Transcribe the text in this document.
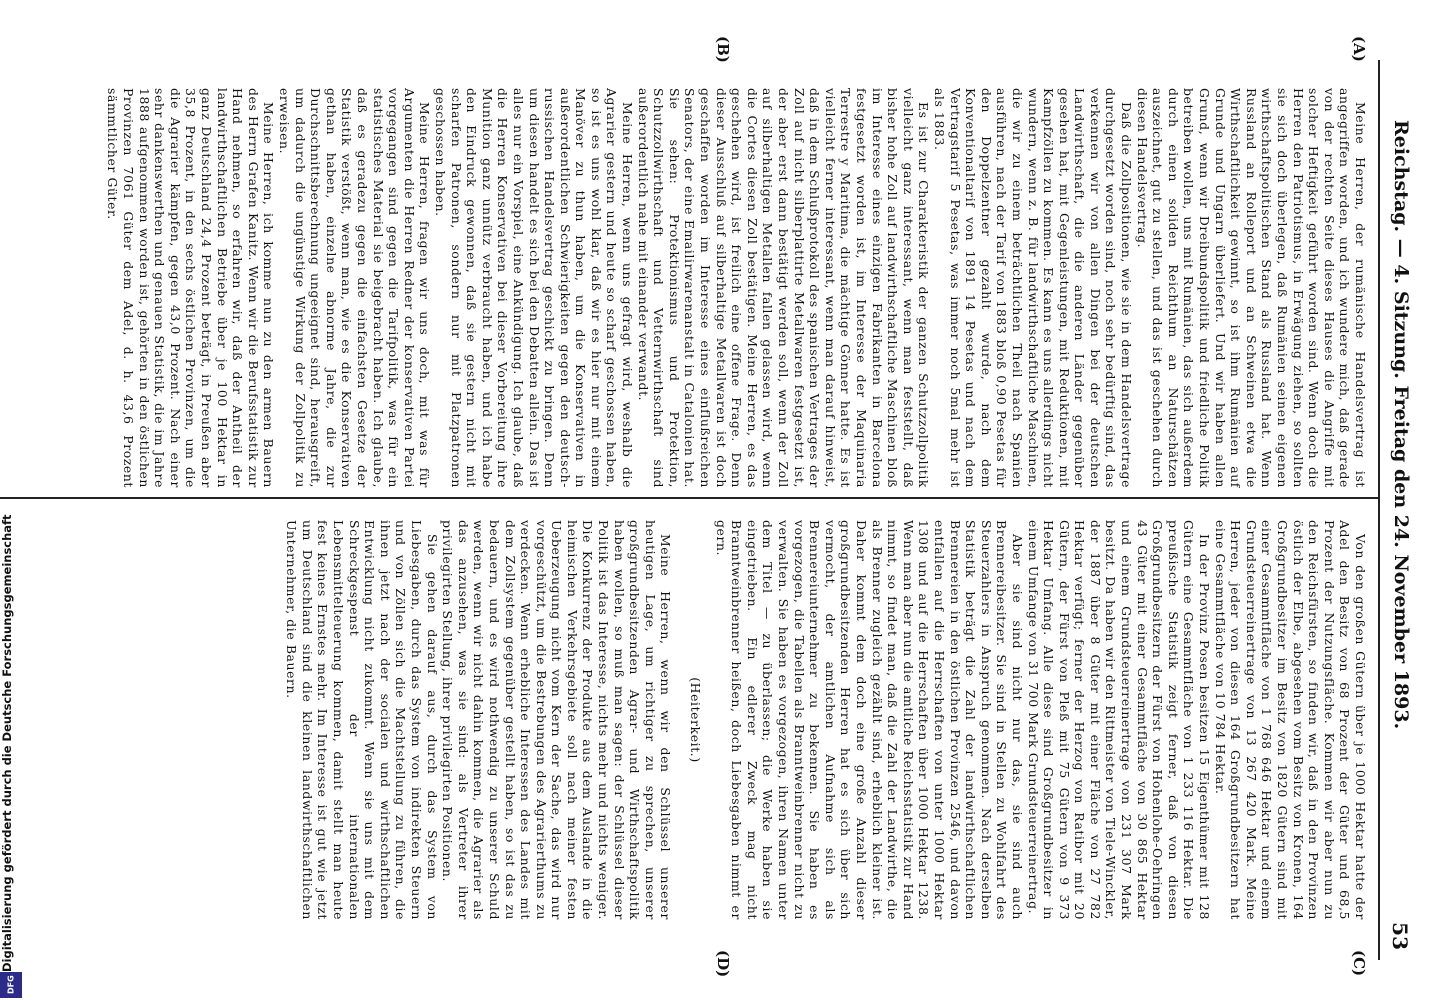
Reichstag. — 4. Sitzung. Freitag den 24. November 1893.
53
(A)
(B)
(C)
(D)

Meine Herren, der rumänische Handelsvertrag ist angegriffen worden, und ich wundere mich, daß gerade von der rechten Seite dieses Hauses die Angriffe mit solcher Heftigkeit geführt worden sind. Wenn doch die Herren den Patriotismus, in Erwägung ziehen, so sollten sie sich doch überlegen, daß Rumänien seinen eigenen wirthschaftspolitischen Stand als Russland hat. Wenn Russland an Rolleport und an Schweinen etwa die Wirthschaftlichkeit gewinnt, so ist ihm Rumänien auf Grunde und Ungarn überliefert. Und wir haben allen Grund, wenn wir Dreibundspolitik und friedliche Politik betreiben wollen, uns mit Rumänien, das sich außerdem durch einen soliden Reichthum an Naturschätzen auszeichnet, gut zu stellen, und das ist geschehen durch diesen Handelsvertrag.

Daß die Zollpositionen, wie sie in dem Handelsvertrage durchgesetzt worden sind, noch sehr bedürftig sind, das verkennen wir von allen Dingen bei der deutschen Landwirthschaft, die die anderen Länder gegenüber gesehen hat, mit Gegenleistungen, mit Reduktionen, mit Kampfzöllen zu kommen. Es kann es uns allerdings nicht wundern, wenn z. B. für landwirthschaftliche Maschinen, die wir zu einem beträchtlichen Theil nach Spanien ausführen, nach der Tarif von 1883 bloß 0,90 Pesetas für den Doppelzentner gezahlt wurde, nach dem Konventionaltarif von 1891 14 Pesetas und nach dem Vertragstarif 5 Pesetas, was immer noch 5mal mehr ist als 1883.

Es ist zur Charakteristik der ganzen Schutzzollpolitik vielleicht ganz interessant, wenn man feststellt, daß bisher hohe Zoll auf landwirthschaftliche Maschinen bloß im Interesse eines einzigen Fabrikanten in Barcelona festgesetzt worden ist, im Interesse der Maquinaria Terrestre y Maritima, die mächtige Gönner hatte. Es ist vielleicht ferner interessant, wenn man darauf hinweist, daß in dem Schlußprotokoll des spanischen Vertrages der Zoll auf nicht silberplattirte Metallwaren festgesetzt ist, der aber erst dann bestätigt werden soll, wenn der Zoll auf silberhaltigen Metallen fallen gelassen wird, wenn die Cortes diesen Zoll bestätigen. Meine Herren, es das geschehen wird, ist freilich eine offene Frage. Denn dieser Ausschluß auf silberhaltige Metallwaren ist doch geschaffen worden im Interesse eines einflußreichen Senators, der eine Emailirwarenanstalt in Catalonien hat. Sie sehen: Protektionismus und Protektion, Schutzzollwirthschaft und Vetternwirthschaft sind außerordentlich nahe mit einander verwandt.

Meine Herren, wenn uns gefragt wird, weshalb die Agrarier gestern und heute so scharf geschossen haben, so ist es uns wohl klar, daß wir es hier nur mit einem Manöver zu thun haben, um die Konservativen in außerordentlichen Schwierigkeiten gegen den deutsch-russischen Handelsvertrag geschickt zu bringen. Denn um diesen handelt es sich bei den Debatten allein. Das ist alles nur ein Vorspiel, eine Ankündigung. Ich glaube, daß die Herren Konservativen bei dieser Vorbereitung ihre Munition ganz unnütz verbraucht haben, und ich habe den Eindruck gewonnen, daß sie gestern nicht mit scharfen Patronen, sondern nur mit Platzpatronen geschossen haben.

Meine Herren, fragen wir uns doch, mit was für Argumenten die Herren Redner der konservativen Partei vorgegangen sind gegen die Tarifpolitik, was für ein statistisches Material sie beigebracht haben. Ich glaube, daß es geradezu gegen die einfachsten Gesetze der Statistik verstößt, wenn man, wie es die Konservativen gethan haben, einzelne abnorme Jahre, die zur Durchschnittsberechnung ungeeignet sind, herausgreift, um dadurch die ungünstige Wirkung der Zollpolitik zu erweisen.

Meine Herren, ich komme nun zu den armen Bauern des Herrn Grafen Kanitz. Wenn wir die Berufsstatistik zur Hand nehmen, so erfahren wir, daß der Antheil der landwirthschaftlichen Betriebe über je 100 Hektar in ganz Deutschland 24,4 Prozent beträgt, in Preußen aber 35,8 Prozent, in den sechs östlichen Provinzen, um die die Agrarier kämpfen, gegen 43,0 Prozent. Nach einer sehr dankenswerthen und genauen Statistik, die im Jahre 1888 aufgenommen worden ist, gehörten in den östlichen Provinzen 7061 Güter dem Adel, d. h. 43,6 Prozent sämmtlicher Güter.

Von den großen Gütern über je 1000 Hektar hatte der Adel den Besitz von 68 Prozent der Güter und 68,5 Prozent der Nutzungsfläche. Kommen wir aber nun zu den Reichsfürsten, so finden wir, daß in den Provinzen östlich der Elbe, abgesehen vom Besitz von Kronen, 164 Großgrundbesitzer im Besitz von 1820 Gütern sind mit einer Gesammtfläche von 1 768 646 Hektar und einem Grundsteuerreinertrage von 13 267 420 Mark. Meine Herren, jeder von diesen 164 Großgrundbesitzern hat eine Gesammtfläche von 10 784 Hektar.

In der Provinz Posen besitzen 15 Eigenthümer mit 128 Gütern eine Gesammtfläche von 1 233 116 Hektar. Die preußische Statistik zeigt ferner, daß von diesen Großgrundbesitzern der Fürst von Hohenlohe-Oehringen 43 Güter mit einer Gesammtfläche von 30 865 Hektar und einem Grundsteuerreinertrage von 231 307 Mark besitzt. Da haben wir den Rittmeister von Tiele-Winckler, der 1887 über 8 Güter mit einer Fläche von 27 782 Hektar verfügt; ferner der Herzog von Ratibor mit 20 Gütern, der Fürst von Pleß mit 75 Gütern von 9 373 Hektar Umfang. Alle diese sind Großgrundbesitzer in einem Umfange von 31 700 Mark Grundsteuerreinertrag.

Aber sie sind nicht nur das, sie sind auch Brennereibesitzer. Sie sind in Stellen zu Wohlfahrt des Steuerzahlers in Anspruch genommen. Nach derselben Statistik beträgt die Zahl der landwirthschaftlichen Brennereien in den östlichen Provinzen 2546, und davon entfallen auf die Herrschaften von unter 1000 Hektar 1308 und auf die Herrschaften über 1000 Hektar 1238. Wenn man aber nun die amtliche Reichsstatistik zur Hand nimmt, so findet man, daß die Zahl der Landwirthe, die als Brenner zugleich gezählt sind, erheblich kleiner ist. Daher kommt dem doch eine große Anzahl dieser großgrundbesitzenden Herren hat es sich über sich vermocht, der amtlichen Aufnahme sich als Brennereiunternehmer zu bekennen. Sie haben es vorgezogen, die Tabellen als Branntweinbrenner nicht zu verwalten. Sie haben es vorgezogen, ihren Namen unter dem Titel — zu überlassen; die Werke haben sie eingetrieben. Ein edlerer Zweck mag nicht Branntweinbrenner heißen, doch Liebesgaben nimmt er gern.

(Heiterkeit.)

Meine Herren, wenn wir den Schlüssel unserer heutigen Lage, um richtiger zu sprechen, unserer großgrundbesitzenden Agrar- und Wirthschaftspolitik haben wollen, so muß man sagen: der Schlüssel dieser Politik ist das Interesse, nichts mehr und nichts weniger. Die Konkurrenz der Produkte aus dem Auslande in die heimischen Verkehrsgebiete soll nach meiner festen Ueberzeugung nicht vom Kern der Sache, das wird nur vorgeschützt, um die Bestrebungen des Agrarierthums zu verdecken. Wenn erhebliche Interessen des Landes mit dem Zollsystem gegenüber gestellt haben, so ist das zu bedauern, und es wird nothwendig zu unserer Schuld werden, wenn wir nicht dahin kommen, die Agrarier als das anzusehen, was sie sind: als Vertreter ihrer privilegirten Stellung, ihrer privilegirten Positionen.

Sie gehen darauf aus, durch das System von Liebesgaben, durch das System von indirekten Steuern und von Zöllen sich die Machtstellung zu führen, die ihnen jetzt nach der socialen und wirthschaftlichen Entwicklung nicht zukommt. Wenn sie uns mit dem Schreckgespenst der internationalen Lebensmittelteuerung kommen, damit stellt man heute fest keines Ernstes mehr. Im Interesse ist gut wie jetzt um Deutschland sind die kleinen landwirthschaftlichen Unternehmer, die Bauern.

Digitalisierung gefördert durch die Deutsche Forschungsgemeinschaft
DFG
